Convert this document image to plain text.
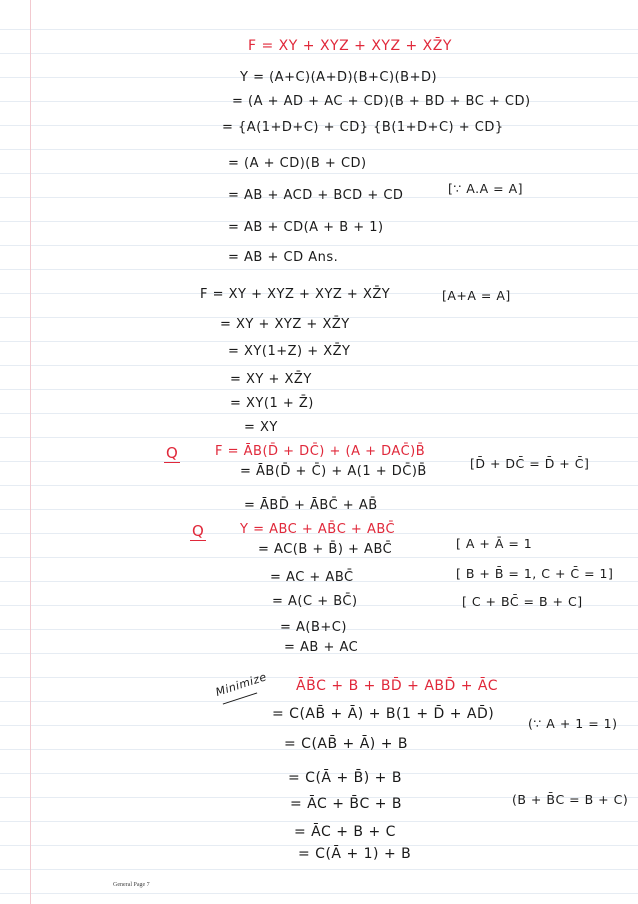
F = XY + XYZ + XYZ + XZ̄Y
Y = (A+C)(A+D)(B+C)(B+D)
= (A + AD + AC + CD)(B + BD + BC + CD)
= {A(1+D+C) + CD} {B(1+D+C) + CD}
= (A + CD)(B + CD)
= AB + ACD + BCD + CD	[∵ A.A = A]
= AB + CD(A + B + 1)
= AB + CD Ans.
F = XY + XYZ + XYZ + XZ̄Y	[A+A = A]
= XY + XYZ + XZ̄Y
= XY(1+Z) + XZ̄Y
= XY + XZ̄Y
= XY(1 + Z̄)
= XY
Q	F = ĀB(D̄ + DC̄) + (A + DAC̄)B̄
= ĀB(D̄ + C̄) + A(1 + DC̄)B̄
[D̄ + DC̄ = D̄ + C̄]
= ĀBD̄ + ĀBC̄ + AB̄
Q	Y = ABC + AB̄C + ABC̄
= AC(B + B̄) + ABC̄	[ A + Ā = 1
= AC + ABC̄	[ B + B̄ = 1, C + C̄ = 1]
= A(C + BC̄)	[ C + BC̄ = B + C]
= A(B+C)
= AB + AC
Minimize ĀB̄C + B + BD̄ + ABD̄ + ĀC
= C(AB̄ + Ā) + B(1 + D̄ + AD̄)
(∵ A + 1 = 1)
= C(AB̄ + Ā) + B
= C(Ā + B̄) + B
= ĀC + B̄C + B	(B + B̄C = B + C)
= ĀC + B + C
= C(Ā + 1) + B
General Page 7
